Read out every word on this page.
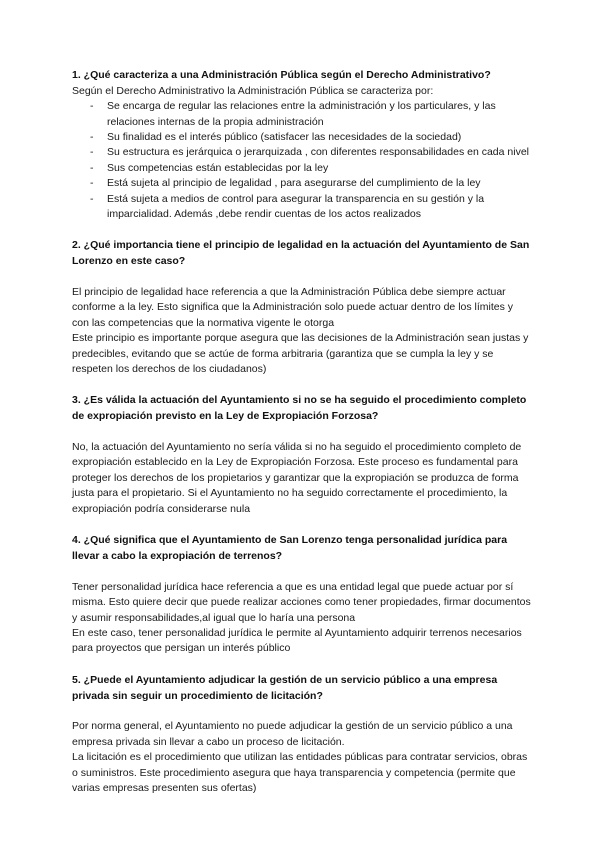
1. ¿Qué caracteriza a una Administración Pública según el Derecho Administrativo?

Según el Derecho Administrativo la Administración Pública se caracteriza por:

- Se encarga de regular las relaciones entre la administración y los particulares, y las relaciones internas de la propia administración
- Su finalidad es el interés público (satisfacer las necesidades de la sociedad)
- Su estructura es jerárquica o jerarquizada , con diferentes responsabilidades en cada nivel
- Sus competencias están establecidas por la ley
- Está sujeta al principio de legalidad , para asegurarse del cumplimiento de la ley
- Está sujeta a medios de control para asegurar la transparencia en su gestión y la imparcialidad. Además ,debe rendir cuentas de los actos realizados
2. ¿Qué importancia tiene el principio de legalidad en la actuación del Ayuntamiento de San Lorenzo en este caso?

El principio de legalidad hace referencia a que la Administración Pública debe siempre actuar conforme a la ley. Esto significa que la Administración solo puede actuar dentro de los límites y con las competencias que la normativa vigente le otorga

Este principio es importante porque asegura que las decisiones de la Administración sean justas y predecibles, evitando que se actúe de forma arbitraria (garantiza que se cumpla la ley y se respeten los derechos de los ciudadanos)

3. ¿Es válida la actuación del Ayuntamiento si no se ha seguido el procedimiento completo de expropiación previsto en la Ley de Expropiación Forzosa?

No, la actuación del Ayuntamiento no sería válida si no ha seguido el procedimiento completo de expropiación establecido en la Ley de Expropiación Forzosa. Este proceso es fundamental para proteger los derechos de los propietarios y garantizar que la expropiación se produzca de forma justa para el propietario. Si el Ayuntamiento no ha seguido correctamente el procedimiento, la expropiación podría considerarse nula

4. ¿Qué significa que el Ayuntamiento de San Lorenzo tenga personalidad jurídica para llevar a cabo la expropiación de terrenos?

Tener personalidad jurídica hace referencia a que es una entidad legal que puede actuar por sí misma. Esto quiere decir que puede realizar acciones como tener propiedades, firmar documentos y asumir responsabilidades,al igual que lo haría una persona

En este caso, tener personalidad jurídica le permite al Ayuntamiento adquirir terrenos necesarios para proyectos que persigan un interés público

5. ¿Puede el Ayuntamiento adjudicar la gestión de un servicio público a una empresa privada sin seguir un procedimiento de licitación?

Por norma general, el Ayuntamiento no puede adjudicar la gestión de un servicio público a una empresa privada sin llevar a cabo un proceso de licitación.

La licitación es el procedimiento que utilizan las entidades públicas para contratar servicios, obras o suministros. Este procedimiento asegura que haya transparencia y competencia (permite que varias empresas presenten sus ofertas)
